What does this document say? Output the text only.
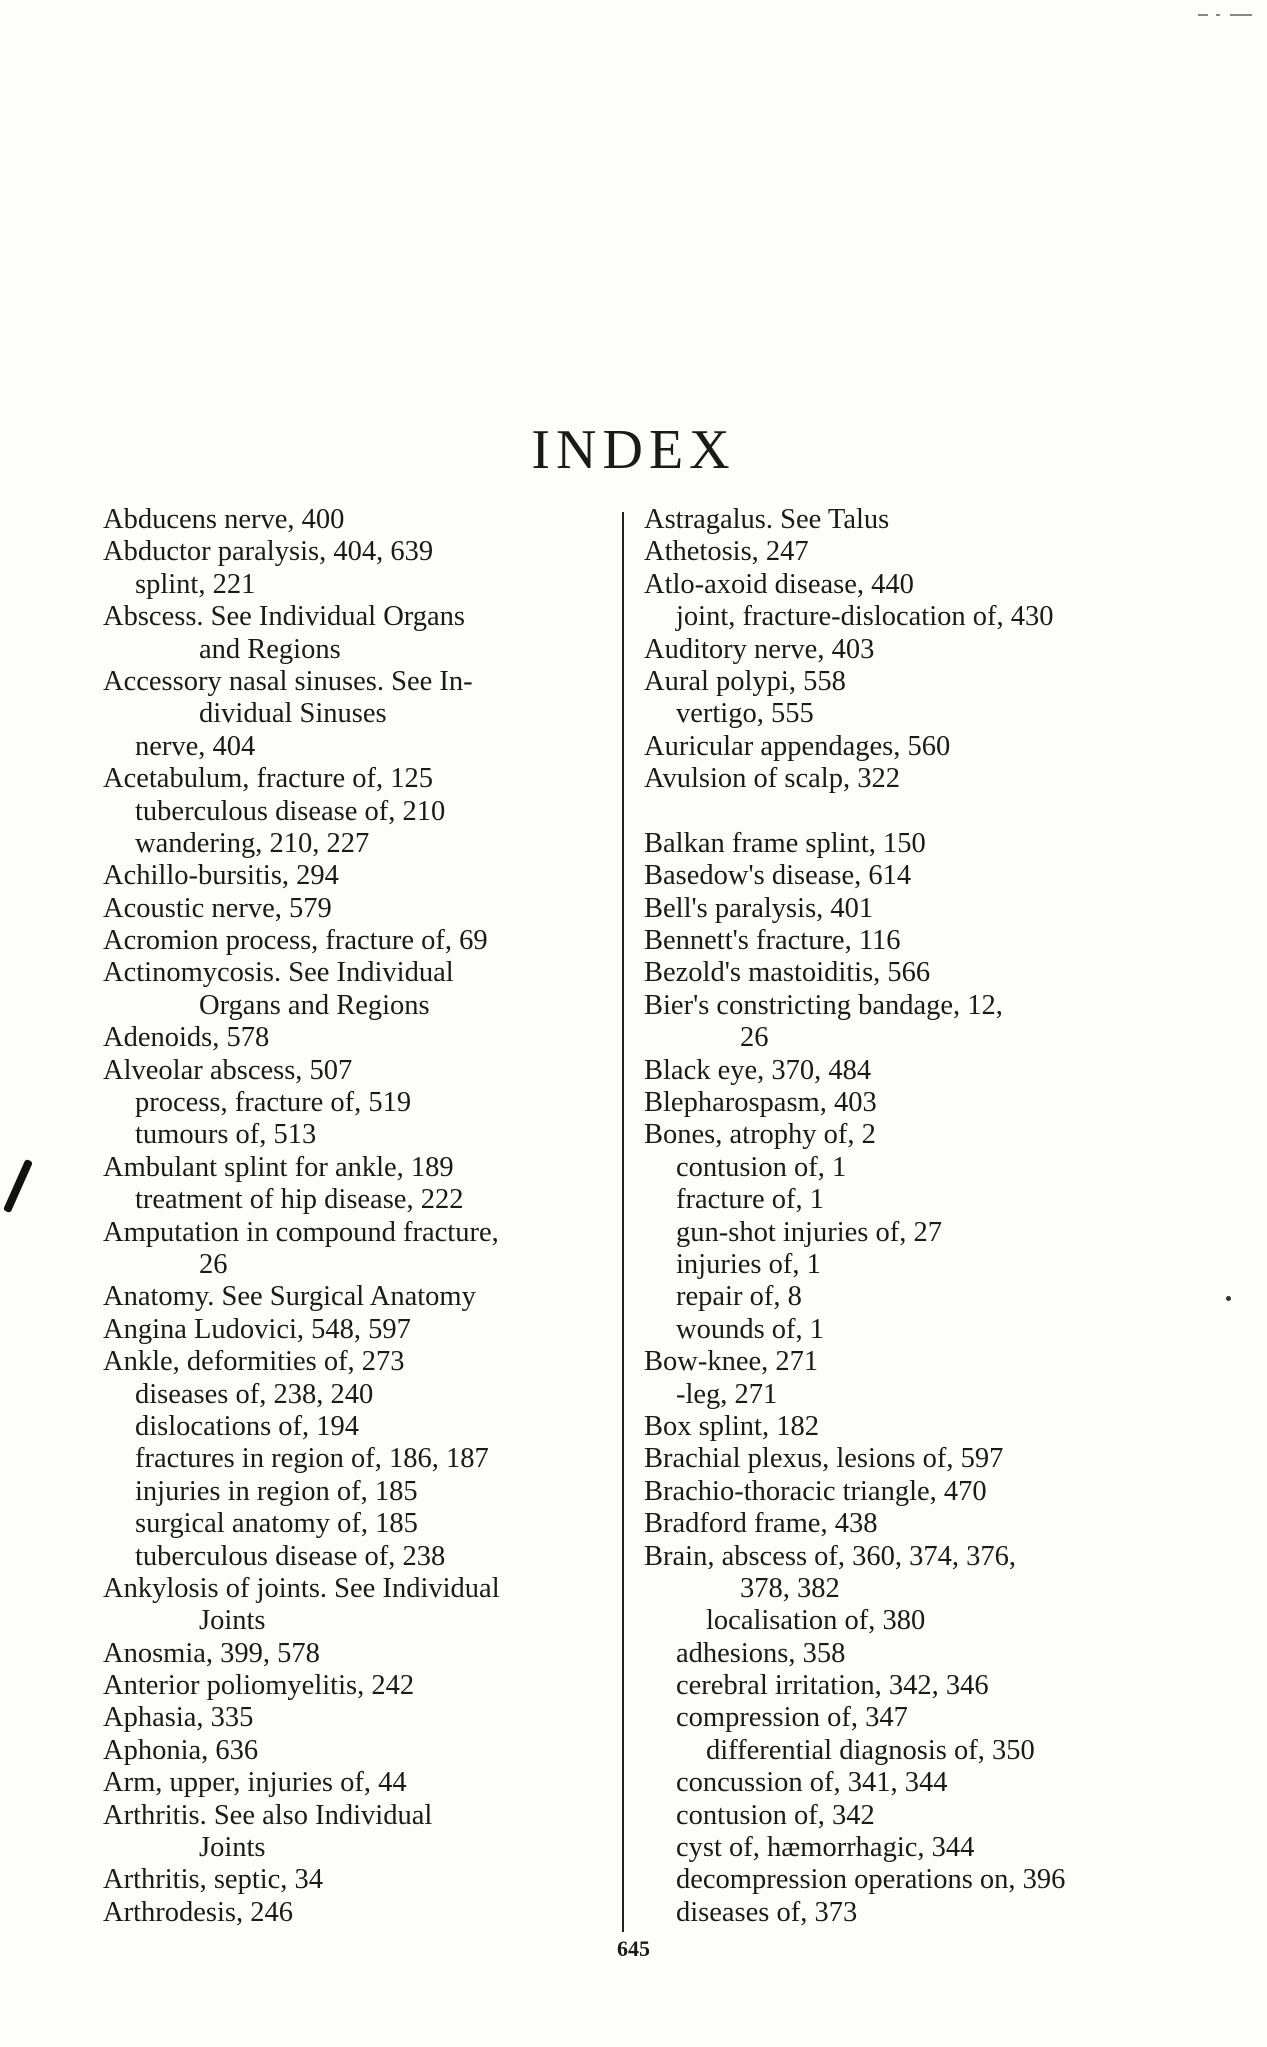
INDEX
Abducens nerve, 400
Abductor paralysis, 404, 639
splint, 221
Abscess. See Individual Organs
and Regions
Accessory nasal sinuses. See In-
dividual Sinuses
nerve, 404
Acetabulum, fracture of, 125
tuberculous disease of, 210
wandering, 210, 227
Achillo-bursitis, 294
Acoustic nerve, 579
Acromion process, fracture of, 69
Actinomycosis. See Individual
Organs and Regions
Adenoids, 578
Alveolar abscess, 507
process, fracture of, 519
tumours of, 513
Ambulant splint for ankle, 189
treatment of hip disease, 222
Amputation in compound fracture,
26
Anatomy. See Surgical Anatomy
Angina Ludovici, 548, 597
Ankle, deformities of, 273
diseases of, 238, 240
dislocations of, 194
fractures in region of, 186, 187
injuries in region of, 185
surgical anatomy of, 185
tuberculous disease of, 238
Ankylosis of joints. See Individual
Joints
Anosmia, 399, 578
Anterior poliomyelitis, 242
Aphasia, 335
Aphonia, 636
Arm, upper, injuries of, 44
Arthritis. See also Individual
Joints
Arthritis, septic, 34
Arthrodesis, 246
Astragalus. See Talus
Athetosis, 247
Atlo-axoid disease, 440
joint, fracture-dislocation of, 430
Auditory nerve, 403
Aural polypi, 558
vertigo, 555
Auricular appendages, 560
Avulsion of scalp, 322
Balkan frame splint, 150
Basedow's disease, 614
Bell's paralysis, 401
Bennett's fracture, 116
Bezold's mastoiditis, 566
Bier's constricting bandage, 12,
26
Black eye, 370, 484
Blepharospasm, 403
Bones, atrophy of, 2
contusion of, 1
fracture of, 1
gun-shot injuries of, 27
injuries of, 1
repair of, 8
wounds of, 1
Bow-knee, 271
-leg, 271
Box splint, 182
Brachial plexus, lesions of, 597
Brachio-thoracic triangle, 470
Bradford frame, 438
Brain, abscess of, 360, 374, 376,
378, 382
localisation of, 380
adhesions, 358
cerebral irritation, 342, 346
compression of, 347
differential diagnosis of, 350
concussion of, 341, 344
contusion of, 342
cyst of, hæmorrhagic, 344
decompression operations on, 396
diseases of, 373
645
